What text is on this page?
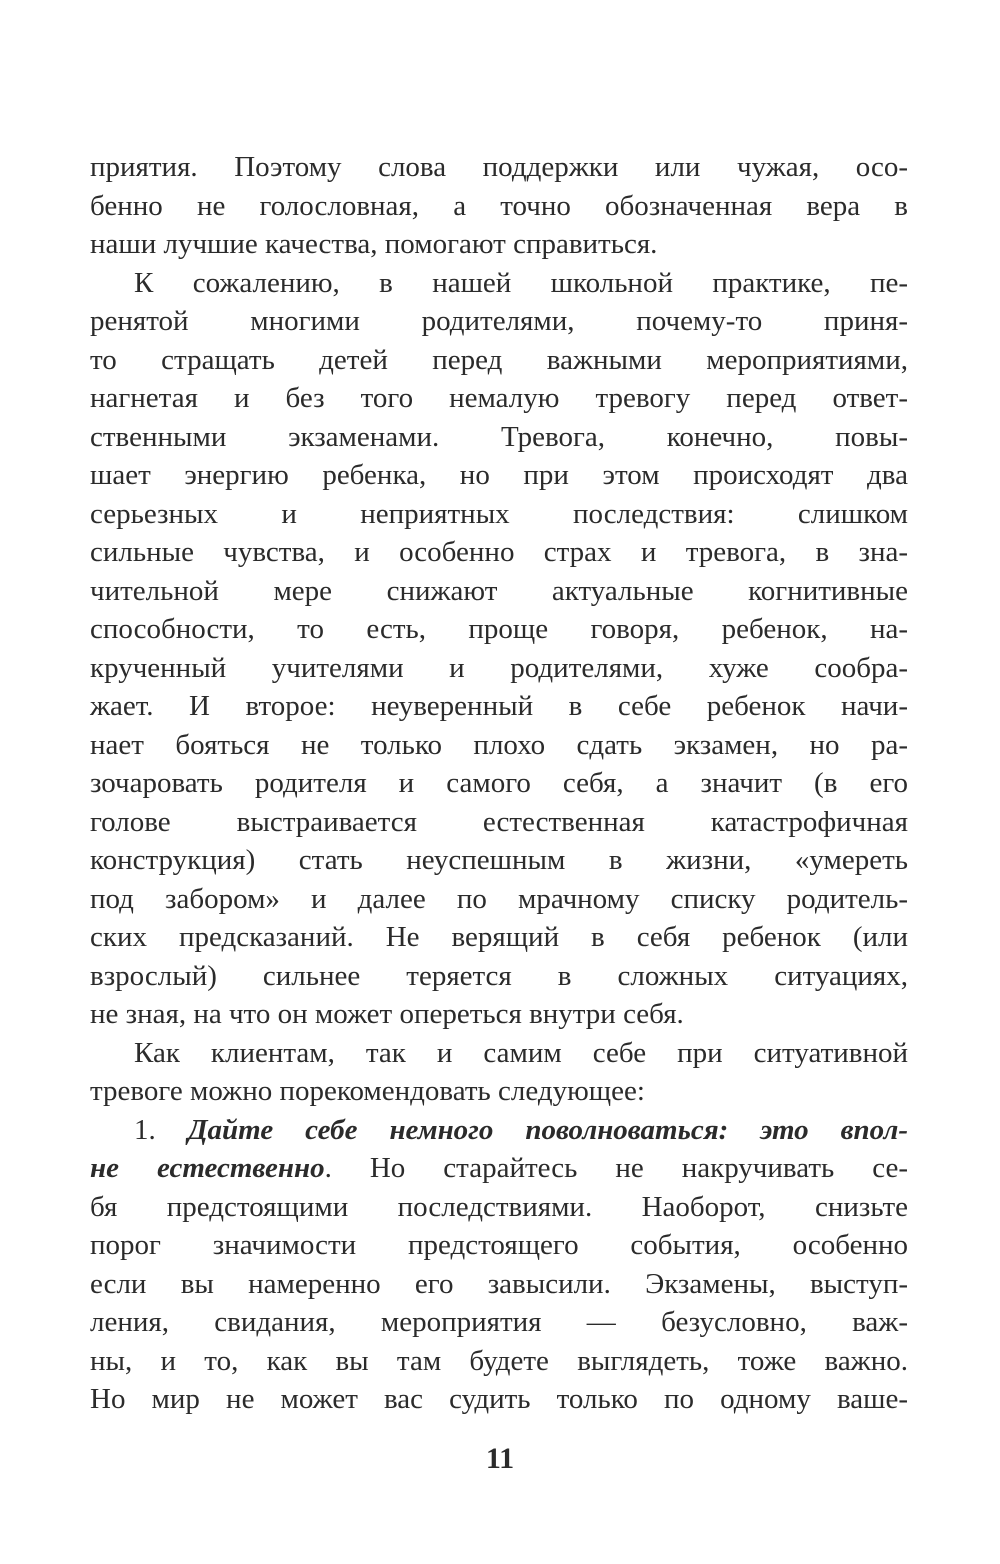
приятия. Поэтому слова поддержки или чужая, осо-
бенно не голословная, а точно обозначенная вера в
наши лучшие качества, помогают справиться.
К сожалению, в нашей школьной практике, пе-
ренятой многими родителями, почему-то приня-
то стращать детей перед важными мероприятиями,
нагнетая и без того немалую тревогу перед ответ-
ственными экзаменами. Тревога, конечно, повы-
шает энергию ребенка, но при этом происходят два
серьезных и неприятных последствия: слишком
сильные чувства, и особенно страх и тревога, в зна-
чительной мере снижают актуальные когнитивные
способности, то есть, проще говоря, ребенок, на-
крученный учителями и родителями, хуже сообра-
жает. И второе: неуверенный в себе ребенок начи-
нает бояться не только плохо сдать экзамен, но ра-
зочаровать родителя и самого себя, а значит (в его
голове выстраивается естественная катастрофичная
конструкция) стать неуспешным в жизни, «умереть
под забором» и далее по мрачному списку родитель-
ских предсказаний. Не верящий в себя ребенок (или
взрослый) сильнее теряется в сложных ситуациях,
не зная, на что он может опереться внутри себя.
Как клиентам, так и самим себе при ситуативной
тревоге можно порекомендовать следующее:
1. Дайте себе немного поволноваться: это впол-
не естественно. Но старайтесь не накручивать се-
бя предстоящими последствиями. Наоборот, снизьте
порог значимости предстоящего события, особенно
если вы намеренно его завысили. Экзамены, выступ-
ления, свидания, мероприятия — безусловно, важ-
ны, и то, как вы там будете выглядеть, тоже важно.
Но мир не может вас судить только по одному ваше-
11
